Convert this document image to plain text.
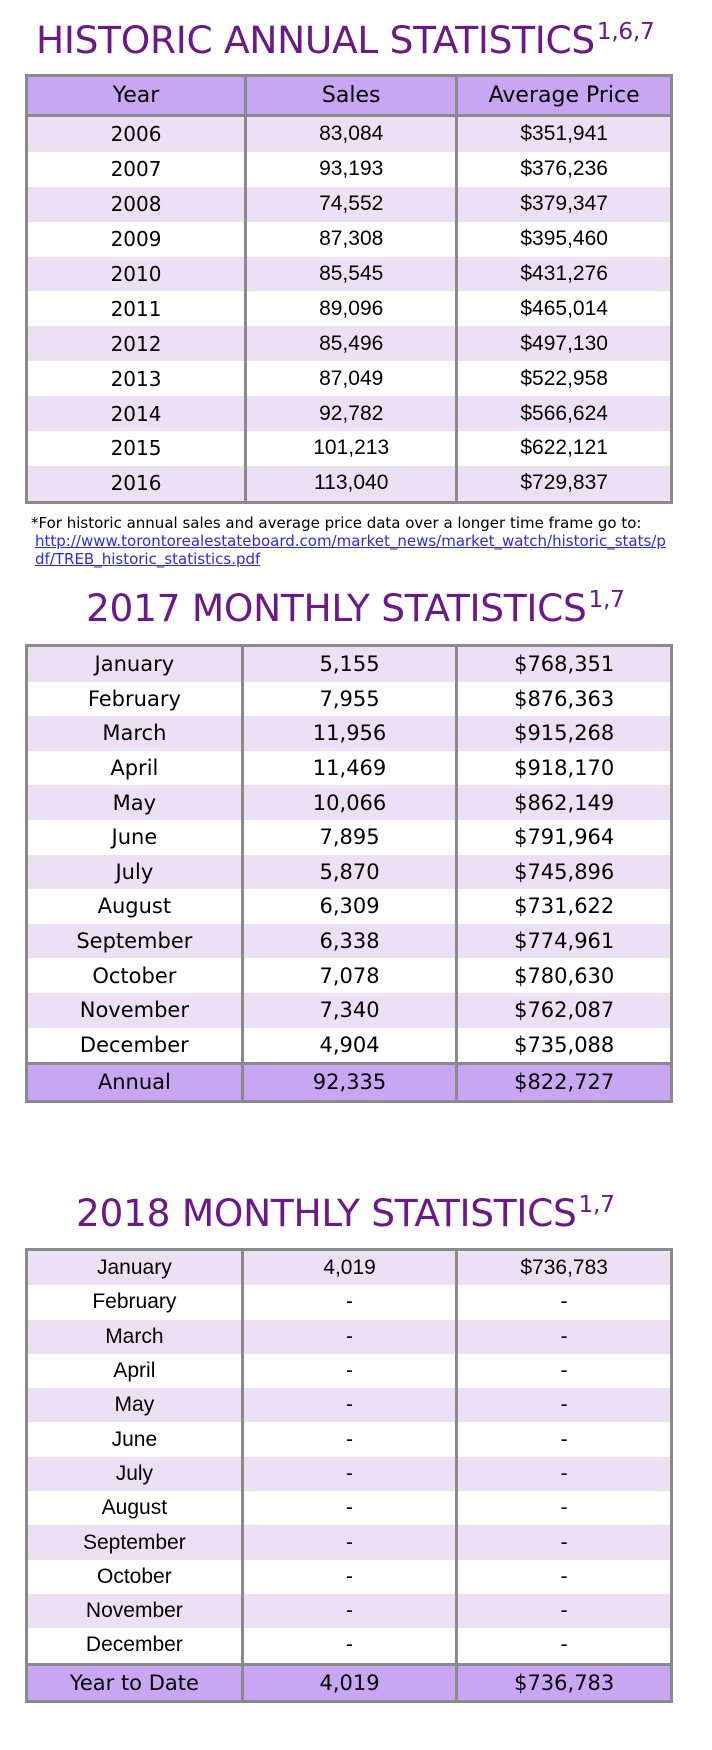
HISTORIC ANNUAL STATISTICS$^{1,6,7}$
Year	Sales	Average Price
2006	83,084	$351,941
2007	93,193	$376,236
2008	74,552	$379,347
2009	87,308	$395,460
2010	85,545	$431,276
2011	89,096	$465,014
2012	85,496	$497,130
2013	87,049	$522,958
2014	92,782	$566,624
2015	101,213	$622,121
2016	113,040	$729,837
*For historic annual sales and average price data over a longer time frame go to:
http://www.torontorealestateboard.com/market_news/market_watch/historic_stats/pdf/TREB_historic_statistics.pdf
2017 MONTHLY STATISTICS$^{1,7}$
January	5,155	$768,351
February	7,955	$876,363
March	11,956	$915,268
April	11,469	$918,170
May	10,066	$862,149
June	7,895	$791,964
July	5,870	$745,896
August	6,309	$731,622
September	6,338	$774,961
October	7,078	$780,630
November	7,340	$762,087
December	4,904	$735,088
Annual	92,335	$822,727
2018 MONTHLY STATISTICS$^{1,7}$
January	4,019	$736,783
February	-	-
March	-	-
April	-	-
May	-	-
June	-	-
July	-	-
August	-	-
September	-	-
October	-	-
November	-	-
December	-	-
Year to Date	4,019	$736,783
